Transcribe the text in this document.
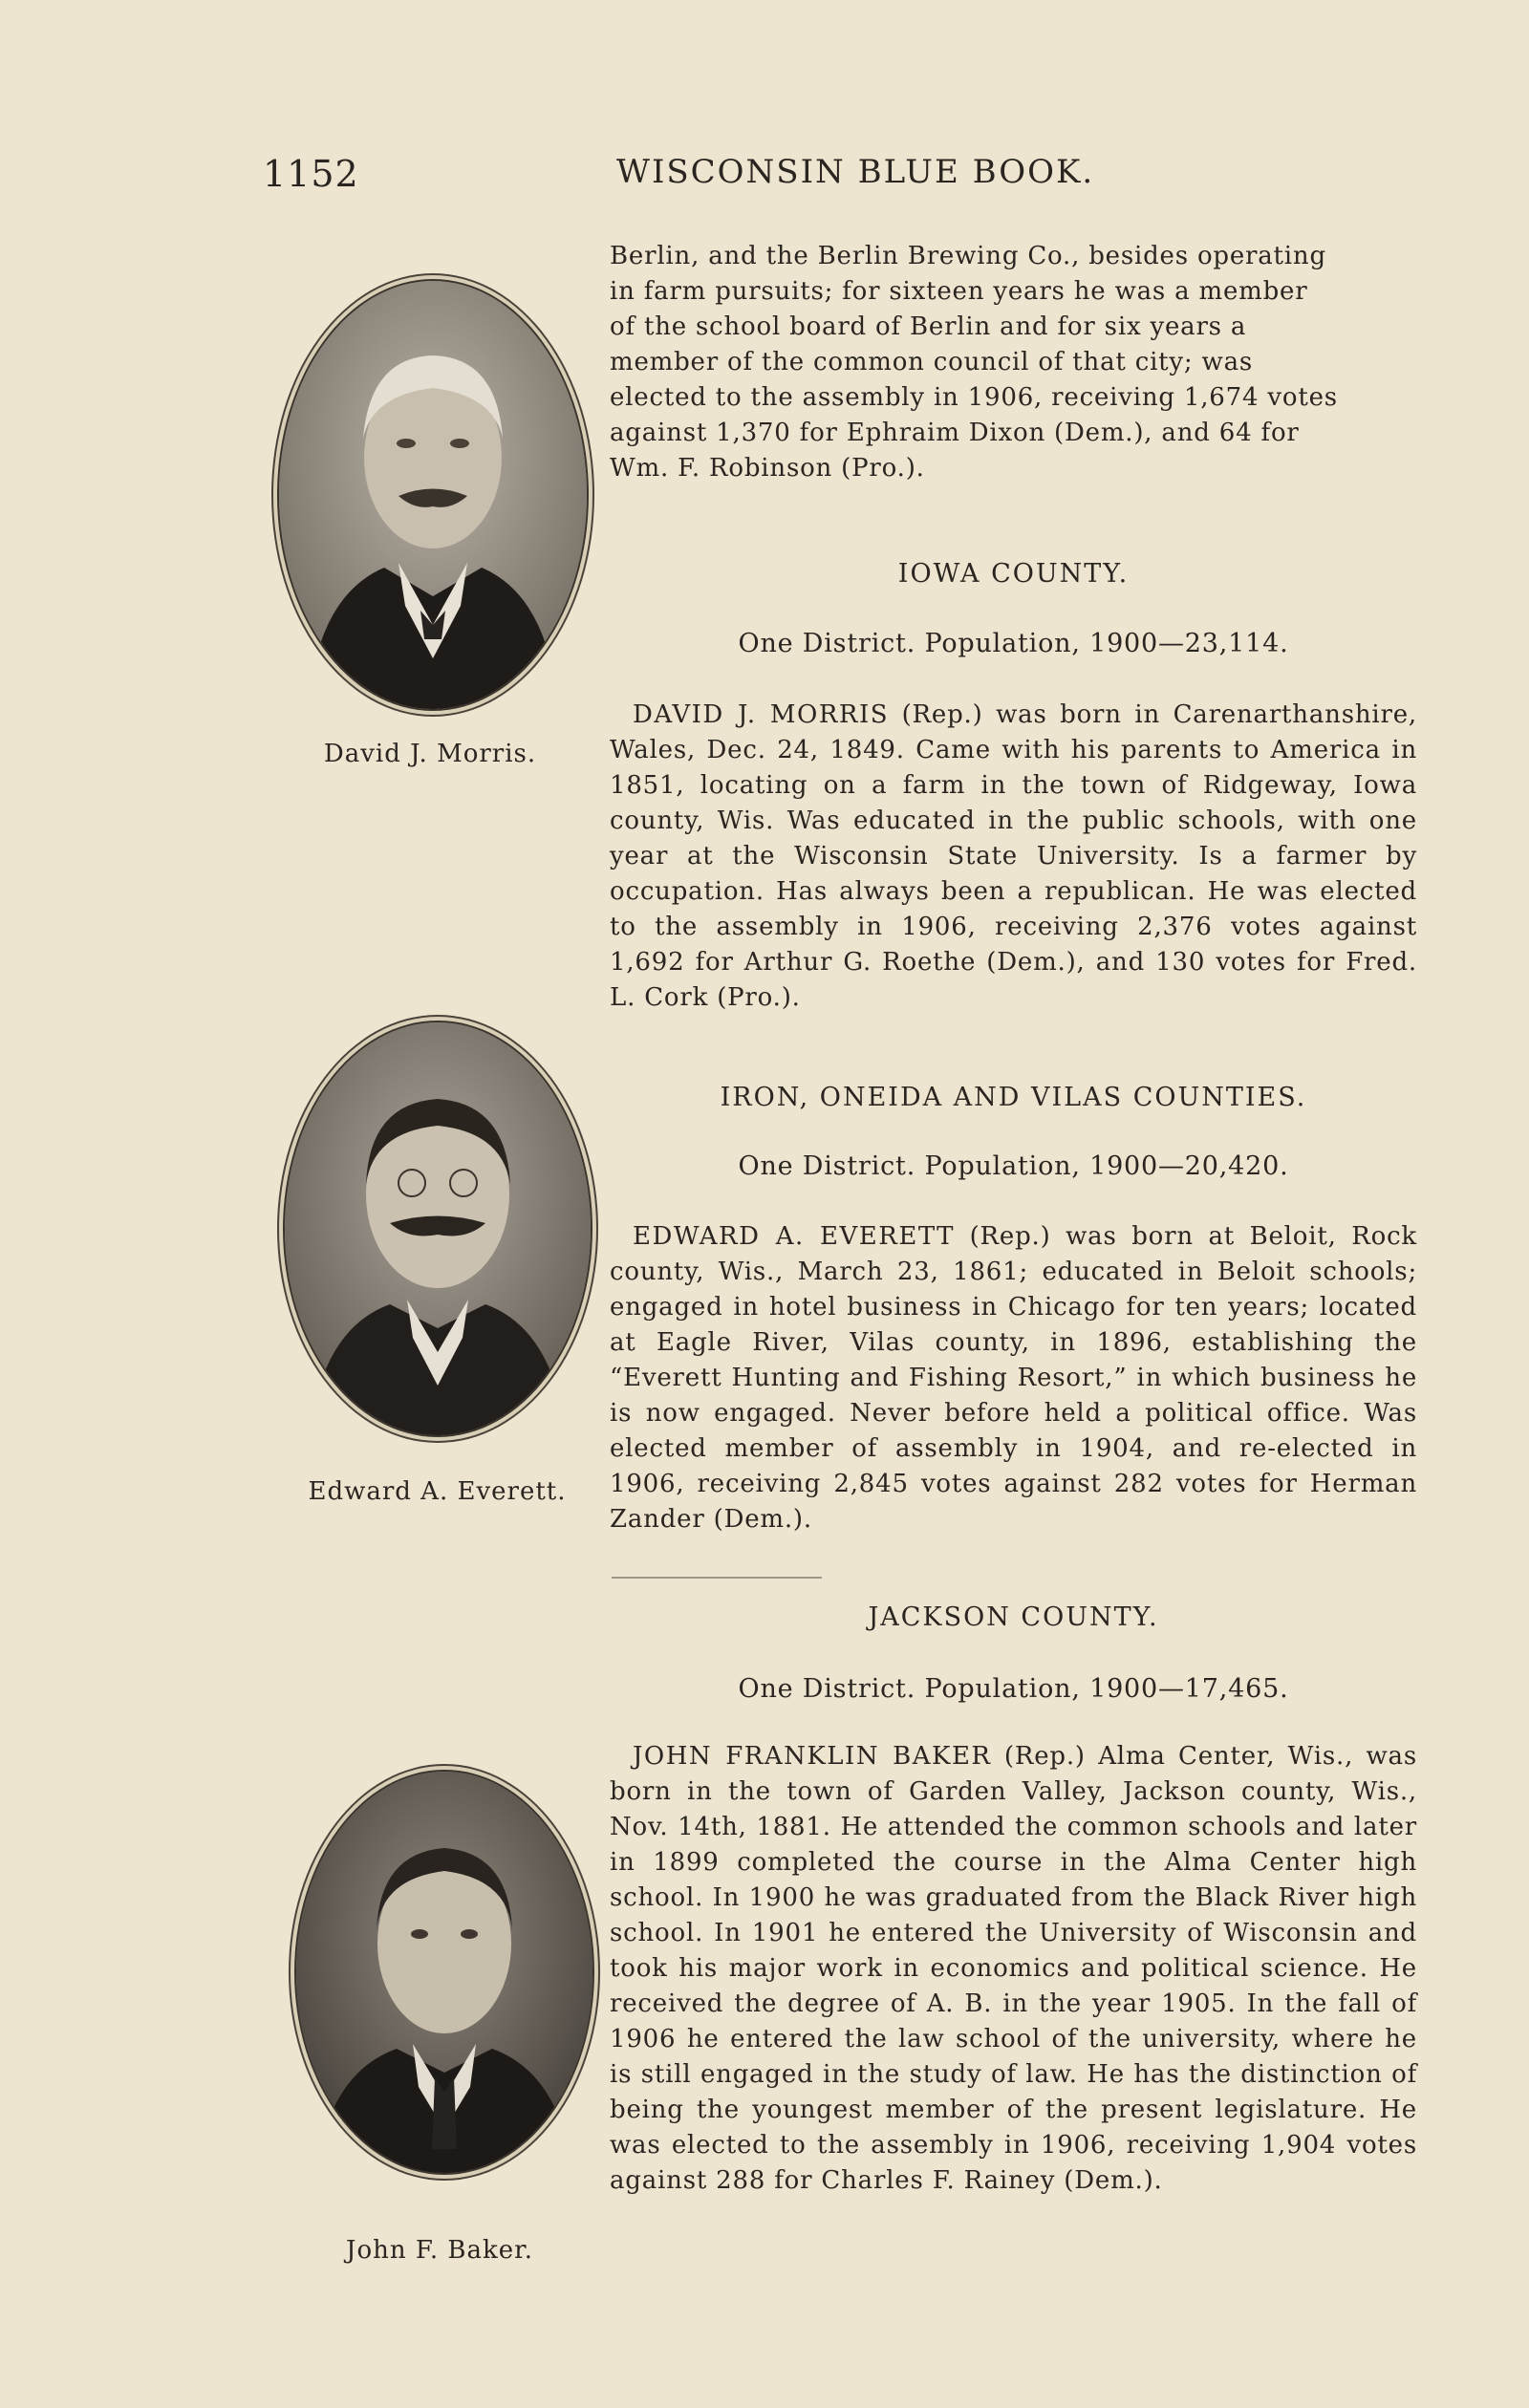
1152	WISCONSIN BLUE BOOK.
Berlin, and the Berlin Brewing Co., besides operating
in farm pursuits; for sixteen years he was a member
of the school board of Berlin and for six years a
member of the common council of that city; was
elected to the assembly in 1906, receiving 1,674 votes
against 1,370 for Ephraim Dixon (Dem.), and 64 for
Wm. F. Robinson (Pro.).
IOWA COUNTY.
One District. Population, 1900—23,114.
DAVID J. MORRIS (Rep.) was born in Carenarthanshire, Wales, Dec. 24, 1849. Came with his parents to America in 1851, locating on a farm in the town of Ridgeway, Iowa county, Wis. Was educated in the public schools, with one year at the Wisconsin State University. Is a farmer by occupation. Has always been a republican. He was elected to the assembly in 1906, receiving 2,376 votes against 1,692 for Arthur G. Roethe (Dem.), and 130 votes for Fred. L. Cork (Pro.).
David J. Morris.
IRON, ONEIDA AND VILAS COUNTIES.
One District. Population, 1900—20,420.
EDWARD A. EVERETT (Rep.) was born at Beloit, Rock county, Wis., March 23, 1861; educated in Beloit schools; engaged in hotel business in Chicago for ten years; located at Eagle River, Vilas county, in 1896, establishing the “Everett Hunting and Fishing Resort,” in which business he is now engaged. Never before held a political office. Was elected member of assembly in 1904, and re-elected in 1906, receiving 2,845 votes against 282 votes for Herman Zander (Dem.).
Edward A. Everett.
JACKSON COUNTY.
One District. Population, 1900—17,465.
JOHN FRANKLIN BAKER (Rep.) Alma Center, Wis., was born in the town of Garden Valley, Jackson county, Wis., Nov. 14th, 1881. He attended the common schools and later in 1899 completed the course in the Alma Center high school. In 1900 he was graduated from the Black River high school. In 1901 he entered the University of Wisconsin and took his major work in economics and political science. He received the degree of A. B. in the year 1905. In the fall of 1906 he entered the law school of the university, where he is still engaged in the study of law. He has the distinction of being the youngest member of the present legislature. He was elected to the assembly in 1906, receiving 1,904 votes against 288 for Charles F. Rainey (Dem.).
John F. Baker.
